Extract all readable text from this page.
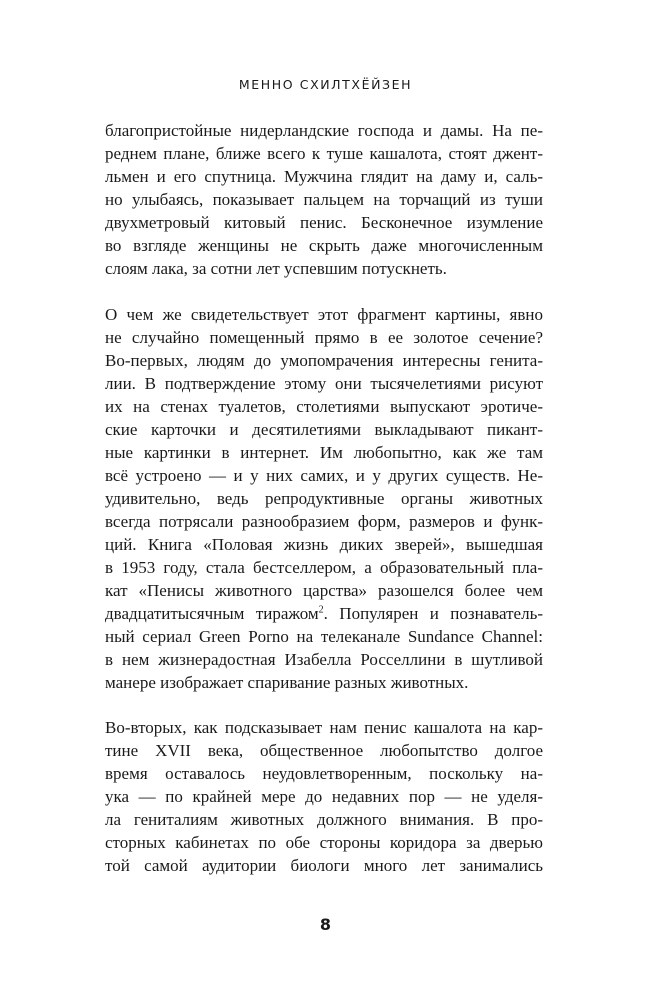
МЕННО СХИЛТХЁЙЗЕН
благопристойные нидерландские господа и дамы. На пе-
реднем плане, ближе всего к туше кашалота, стоят джент-
льмен и его спутница. Мужчина глядит на даму и, саль-
но улыбаясь, показывает пальцем на торчащий из туши
двухметровый китовый пенис. Бесконечное изумление
во взгляде женщины не скрыть даже многочисленным
слоям лака, за сотни лет успевшим потускнеть.
О чем же свидетельствует этот фрагмент картины, явно
не случайно помещенный прямо в ее золотое сечение?
Во-первых, людям до умопомрачения интересны генита-
лии. В подтверждение этому они тысячелетиями рисуют
их на стенах туалетов, столетиями выпускают эротиче-
ские карточки и десятилетиями выкладывают пикант-
ные картинки в интернет. Им любопытно, как же там
всё устроено — и у них самих, и у других существ. Не-
удивительно, ведь репродуктивные органы животных
всегда потрясали разнообразием форм, размеров и функ-
ций. Книга «Половая жизнь диких зверей», вышедшая
в 1953 году, стала бестселлером, а образовательный пла-
кат «Пенисы животного царства» разошелся более чем
двадцатитысячным тиражом$^2$. Популярен и познаватель-
ный сериал Green Porno на телеканале Sundance Channel:
в нем жизнерадостная Изабелла Росселлини в шутливой
манере изображает спаривание разных животных.
Во-вторых, как подсказывает нам пенис кашалота на кар-
тине XVII века, общественное любопытство долгое
время оставалось неудовлетворенным, поскольку на-
ука — по крайней мере до недавних пор — не уделя-
ла гениталиям животных должного внимания. В про-
сторных кабинетах по обе стороны коридора за дверью
той самой аудитории биологи много лет занимались
8
